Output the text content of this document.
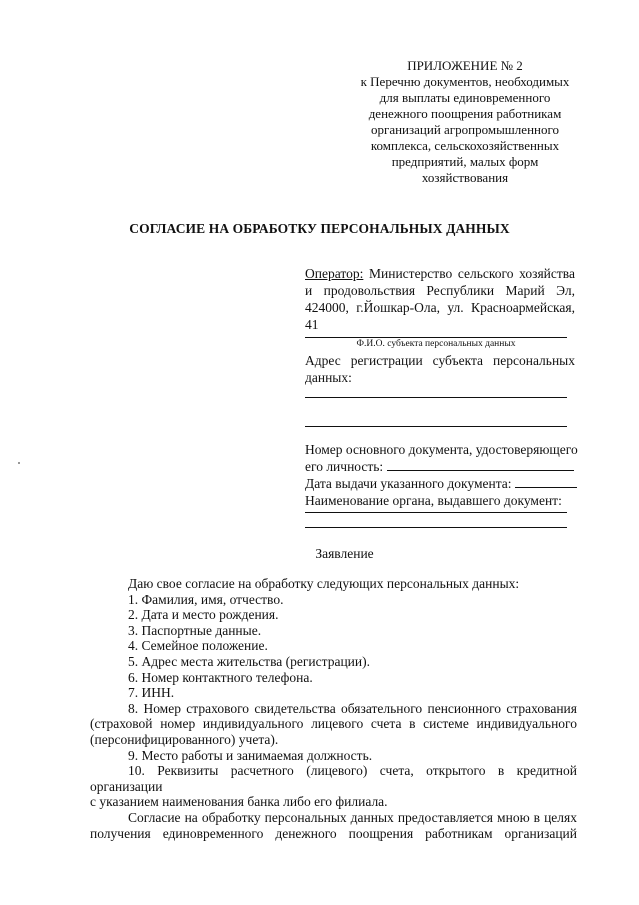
ПРИЛОЖЕНИЕ № 2
к Перечню документов, необходимых
для выплаты единовременного
денежного поощрения работникам
организаций агропромышленного
комплекса, сельскохозяйственных
предприятий, малых форм
хозяйствования
СОГЛАСИЕ НА ОБРАБОТКУ ПЕРСОНАЛЬНЫХ ДАННЫХ
Оператор: Министерство сельского хозяйства и продовольствия Республики Марий Эл, 424000, г.Йошкар-Ола, ул. Красноармейская, 41
Ф.И.О. субъекта персональных данных
Адрес регистрации субъекта персональных данных:
Номер основного документа, удостоверяющего
его личность:
Дата выдачи указанного документа:
Наименование органа, выдавшего документ:
Заявление

Даю свое согласие на обработку следующих персональных данных:

1. Фамилия, имя, отчество.

2. Дата и место рождения.

3. Паспортные данные.

4. Семейное положение.

5. Адрес места жительства (регистрации).

6. Номер контактного телефона.

7. ИНН.

8. Номер страхового свидетельства обязательного пенсионного страхования

(страховой номер индивидуального лицевого счета в системе индивидуального

(персонифицированного) учета).

9. Место работы и занимаемая должность.

10. Реквизиты расчетного (лицевого) счета, открытого в кредитной организации

с указанием наименования банка либо его филиала.

Согласие на обработку персональных данных предоставляется мною в целях

получения единовременного денежного поощрения работникам организаций
